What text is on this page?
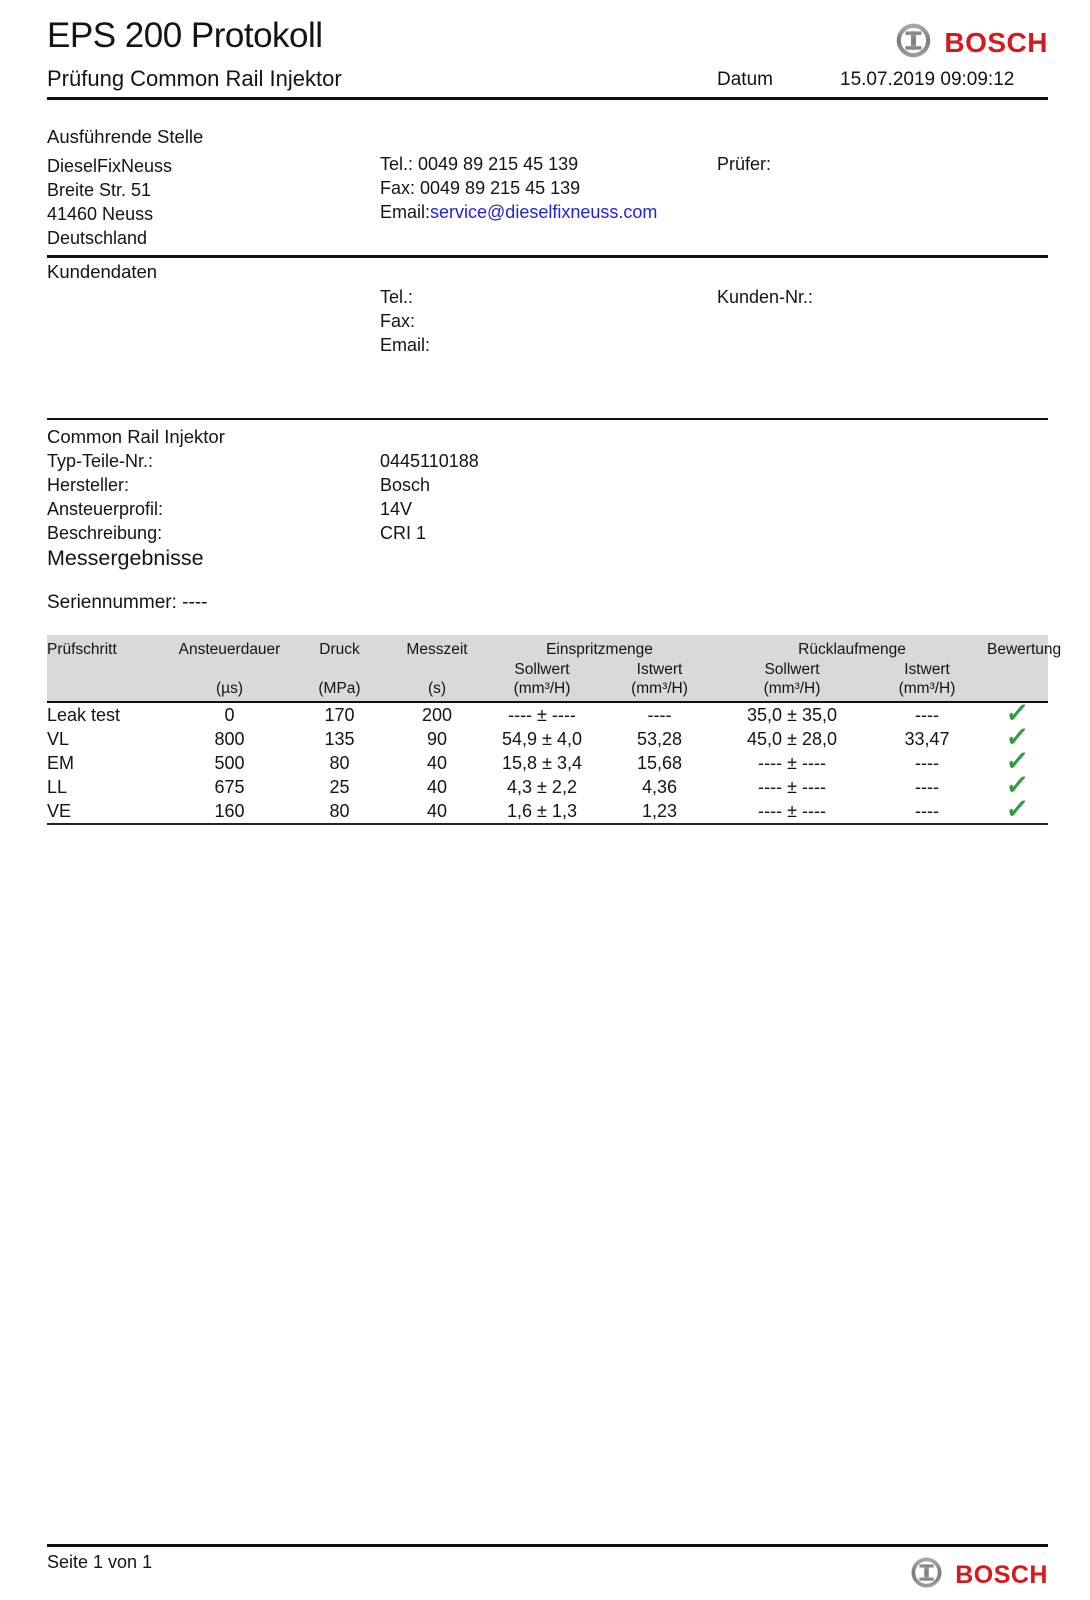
EPS 200 Protokoll	BOSCH
Prüfung Common Rail Injektor	Datum	15.07.2019 09:09:12
Ausführende Stelle
DieselFixNeuss
Breite Str. 51
41460 Neuss
Deutschland
Tel.: 0049 89 215 45 139
Fax: 0049 89 215 45 139
Email:service@dieselfixneuss.com
Prüfer:
Kundendaten
Tel.:
Fax:
Email:
Kunden-Nr.:
Common Rail Injektor
Typ-Teile-Nr.:	0445110188
Hersteller:	Bosch
Ansteuerprofil:	14V
Beschreibung:	CRI 1
Messergebnisse
Seriennummer: ----
Prüfschritt	Ansteuerdauer	Druck	Messzeit	Einspritzmenge		Rücklaufmenge		Bewertung
				Sollwert	Istwert	Sollwert	Istwert	
	(µs)	(MPa)	(s)	(mm³/H)	(mm³/H)	(mm³/H)	(mm³/H)	
Leak test	0	170	200	---- ± ----	----	35,0 ± 35,0	----	✓
VL	800	135	90	54,9 ± 4,0	53,28	45,0 ± 28,0	33,47	✓
EM	500	80	40	15,8 ± 3,4	15,68	---- ± ----	----	✓
LL	675	25	40	4,3 ± 2,2	4,36	---- ± ----	----	✓
VE	160	80	40	1,6 ± 1,3	1,23	---- ± ----	----	✓
Seite 1 von 1	BOSCH
